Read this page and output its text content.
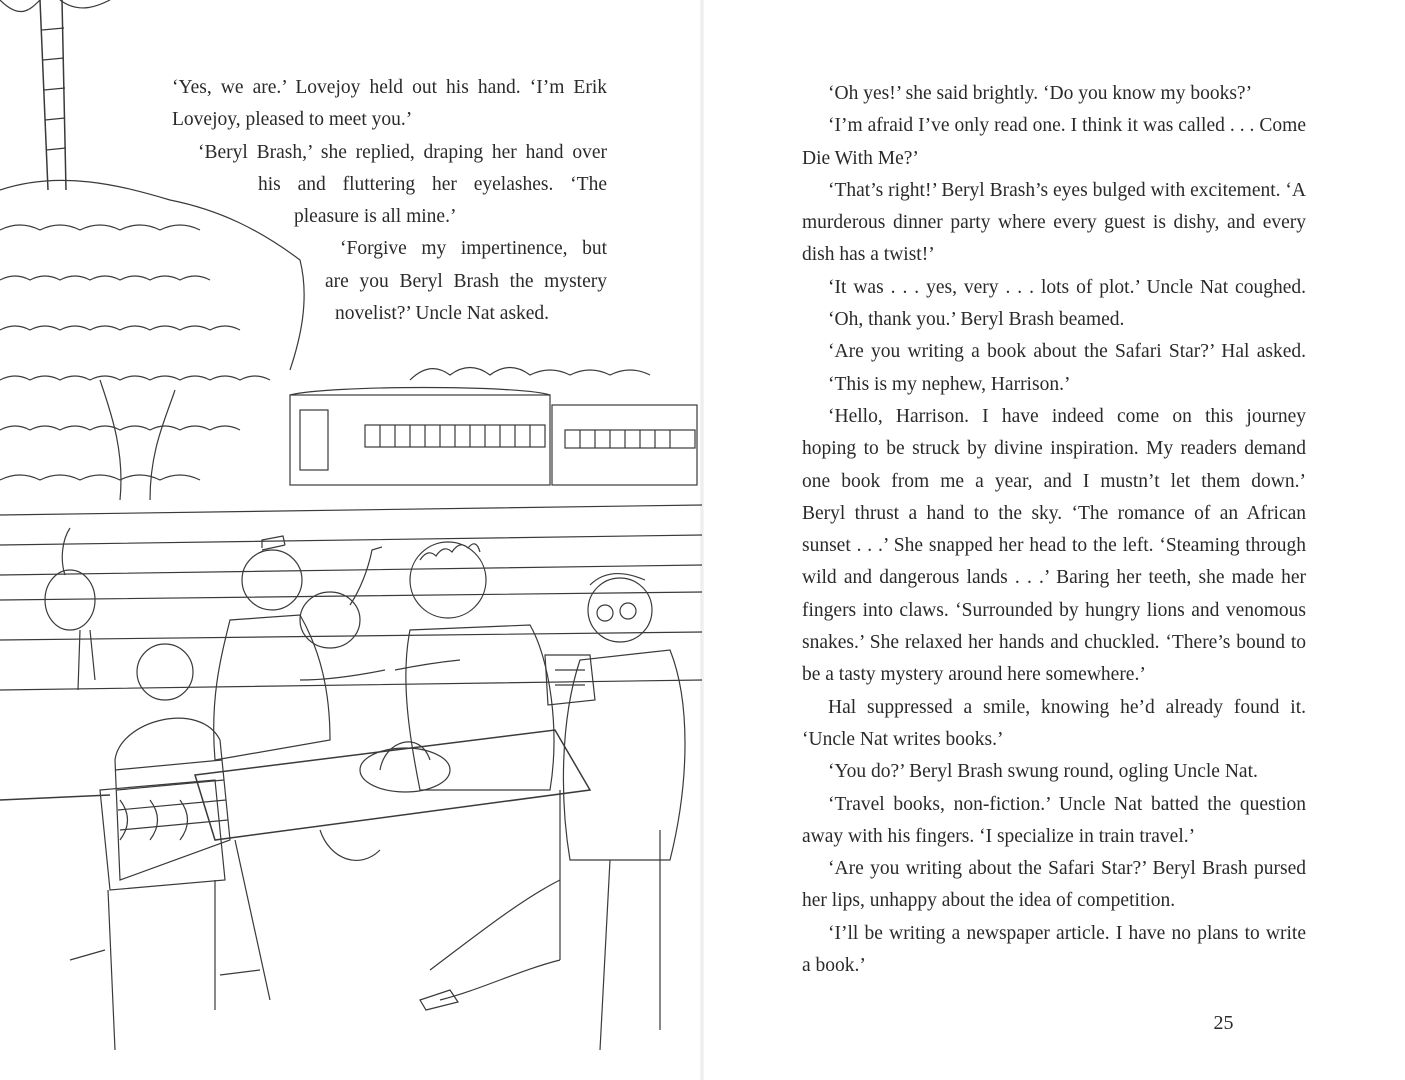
‘Yes, we are.’ Lovejoy held out his hand. ‘I’m Erik
Lovejoy, pleased to meet you.’
‘Beryl Brash,’ she replied, draping her hand over
his and fluttering her eyelashes. ‘The
pleasure is all mine.’
‘Forgive my impertinence, but
are you Beryl Brash the mystery
novelist?’ Uncle Nat asked.
‘Oh yes!’ she said brightly. ‘Do you know my books?’
‘I’m afraid I’ve only read one. I think it was called . . . Come
Die With Me?’
‘That’s right!’ Beryl Brash’s eyes bulged with excitement. ‘A
murderous dinner party where every guest is dishy, and every
dish has a twist!’
‘It was . . . yes, very . . . lots of plot.’ Uncle Nat coughed.
‘Oh, thank you.’ Beryl Brash beamed.
‘Are you writing a book about the Safari Star?’ Hal asked.
‘This is my nephew, Harrison.’
‘Hello, Harrison. I have indeed come on this journey
hoping to be struck by divine inspiration. My readers demand
one book from me a year, and I mustn’t let them down.’
Beryl thrust a hand to the sky. ‘The romance of an African
sunset . . .’ She snapped her head to the left. ‘Steaming through
wild and dangerous lands . . .’ Baring her teeth, she made her
fingers into claws. ‘Surrounded by hungry lions and venomous
snakes.’ She relaxed her hands and chuckled. ‘There’s bound to
be a tasty mystery around here somewhere.’
Hal suppressed a smile, knowing he’d already found it.
‘Uncle Nat writes books.’
‘You do?’ Beryl Brash swung round, ogling Uncle Nat.
‘Travel books, non-fiction.’ Uncle Nat batted the question
away with his fingers. ‘I specialize in train travel.’
‘Are you writing about the Safari Star?’ Beryl Brash pursed
her lips, unhappy about the idea of competition.
‘I’ll be writing a newspaper article. I have no plans to write
a book.’
25
